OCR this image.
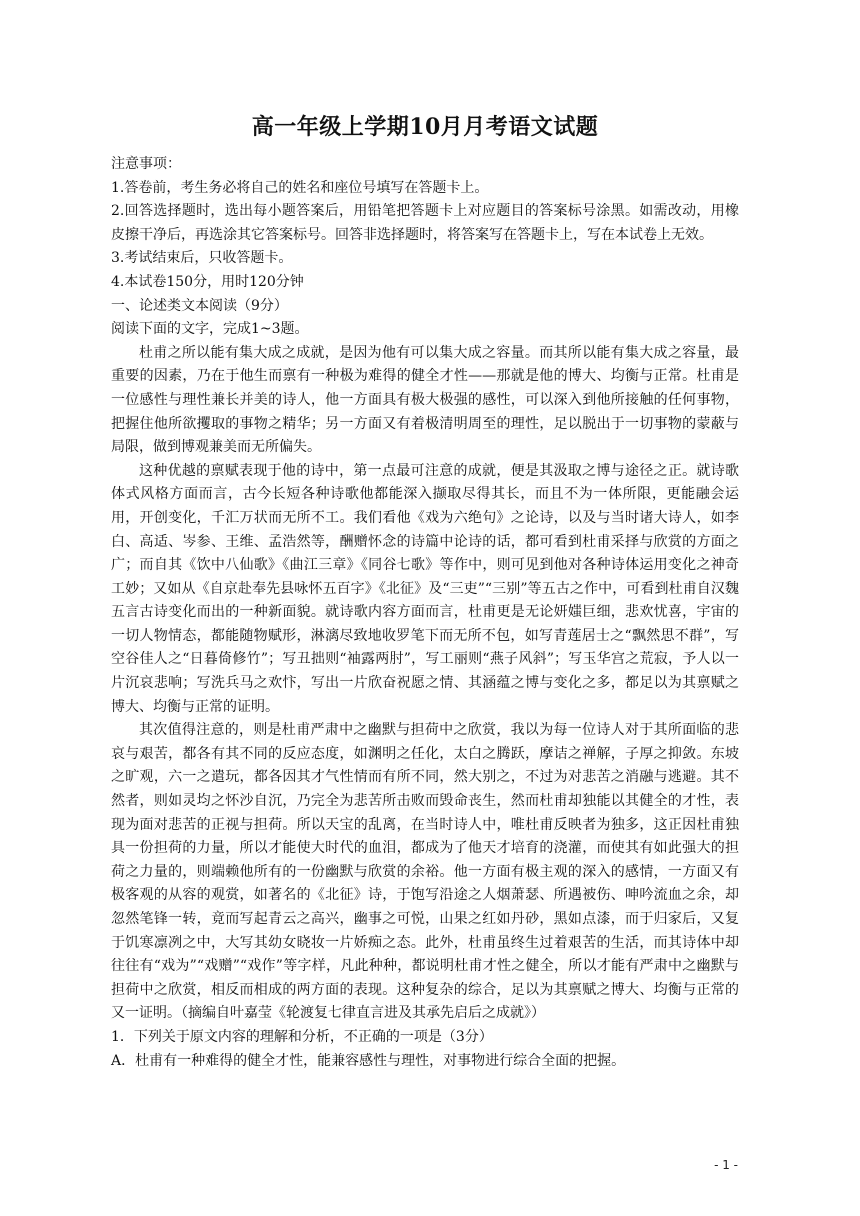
高一年级上学期10月月考语文试题

注意事项：

1.答卷前，考生务必将自己的姓名和座位号填写在答题卡上。

2.回答选择题时，选出每小题答案后，用铅笔把答题卡上对应题目的答案标号涂黑。如需改动，用橡皮擦干净后，再选涂其它答案标号。回答非选择题时，将答案写在答题卡上，写在本试卷上无效。

3.考试结束后，只收答题卡。

4.本试卷150分，用时120分钟

一、论述类文本阅读（9分）

阅读下面的文字，完成1~3题。

杜甫之所以能有集大成之成就，是因为他有可以集大成之容量。而其所以能有集大成之容量，最重要的因素，乃在于他生而禀有一种极为难得的健全才性——那就是他的博大、均衡与正常。杜甫是一位感性与理性兼长并美的诗人，他一方面具有极大极强的感性，可以深入到他所接触的任何事物，把握住他所欲攫取的事物之精华；另一方面又有着极清明周至的理性，足以脱出于一切事物的蒙蔽与局限，做到博观兼美而无所偏失。

这种优越的禀赋表现于他的诗中，第一点最可注意的成就，便是其汲取之博与途径之正。就诗歌体式风格方面而言，古今长短各种诗歌他都能深入撷取尽得其长，而且不为一体所限，更能融会运用，开创变化，千汇万状而无所不工。我们看他《戏为六绝句》之论诗，以及与当时诸大诗人，如李白、高适、岑参、王维、孟浩然等，酬赠怀念的诗篇中论诗的话，都可看到杜甫采择与欣赏的方面之广；而自其《饮中八仙歌》《曲江三章》《同谷七歌》等作中，则可见到他对各种诗体运用变化之神奇工妙；又如从《自京赴奉先县咏怀五百字》《北征》及“三吏”“三别”等五古之作中，可看到杜甫自汉魏五言古诗变化而出的一种新面貌。就诗歌内容方面而言，杜甫更是无论妍媸巨细，悲欢忧喜，宇宙的一切人物情态，都能随物赋形，淋漓尽致地收罗笔下而无所不包，如写青莲居士之“飘然思不群”，写空谷佳人之“日暮倚修竹”；写丑拙则“袖露两肘”，写工丽则“燕子风斜”；写玉华宫之荒寂，予人以一片沉哀悲响；写洗兵马之欢忭，写出一片欣奋祝愿之情、其涵蕴之博与变化之多，都足以为其禀赋之博大、均衡与正常的证明。

其次值得注意的，则是杜甫严肃中之幽默与担荷中之欣赏，我以为每一位诗人对于其所面临的悲哀与艰苦，都各有其不同的反应态度，如渊明之任化，太白之腾跃，摩诘之禅解，子厚之抑敛。东坡之旷观，六一之遣玩，都各因其才气性情而有所不同，然大别之，不过为对悲苦之消融与逃避。其不然者，则如灵均之怀沙自沉，乃完全为悲苦所击败而毁命丧生，然而杜甫却独能以其健全的才性，表现为面对悲苦的正视与担荷。所以天宝的乱离，在当时诗人中，唯杜甫反映者为独多，这正因杜甫独具一份担荷的力量，所以才能使大时代的血泪，都成为了他天才培育的浇灌，而使其有如此强大的担荷之力量的，则端赖他所有的一份幽默与欣赏的余裕。他一方面有极主观的深入的感情，一方面又有极客观的从容的观赏，如著名的《北征》诗，于饱写沿途之人烟萧瑟、所遇被伤、呻吟流血之余，却忽然笔锋一转，竟而写起青云之高兴，幽事之可悦，山果之红如丹砂，黑如点漆，而于归家后，又复于饥寒凛冽之中，大写其幼女晓妆一片娇痴之态。此外，杜甫虽终生过着艰苦的生活，而其诗体中却往往有“戏为”“戏赠”“戏作”等字样，凡此种种，都说明杜甫才性之健全，所以才能有严肃中之幽默与担荷中之欣赏，相反而相成的两方面的表现。这种复杂的综合，足以为其禀赋之博大、均衡与正常的又一证明。（摘编自叶嘉莹《轮渡复七律直言进及其承先启后之成就》）

1．下列关于原文内容的理解和分析，不正确的一项是（3分）

A．杜甫有一种难得的健全才性，能兼容感性与理性，对事物进行综合全面的把握。

- 1 -
